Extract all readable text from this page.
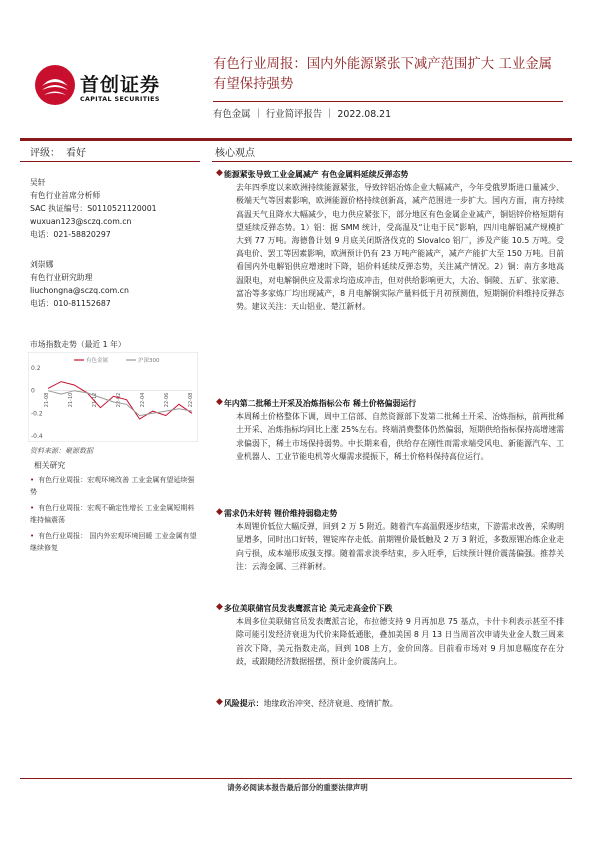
首创证券
CAPITAL SECURITIES
有色行业周报：国内外能源紧张下减产范围扩大 工业金属有望保持强势
有色金属 ｜ 行业简评报告 ｜ 2022.08.21
评级： 看好	核心观点
吴轩
有色行业首席分析师
SAC 执证编号：S0110521120001
wuxuan123@sczq.com.cn
电话：021-58820297
刘崇娜
有色行业研究助理
liuchongna@sczq.com.cn
电话：010-81152687
市场指数走势（最近 1 年）
0.2
0
-0.2
-0.4
21-08	21-10	21-12	22-02	22-04	22-06	22-08
有色金属	沪深300
资料来源：聚源数据
相关研究
• 有色行业周报：宏观环境改善 工业金属有望延续强势
• 有色行业周报：宏观不确定性增长 工业金属短期料维持偏震荡
• 有色行业周报： 国内外宏观环境回暖 工业金属有望继续修复
能源紧张导致工业金属减产 有色金属料延续反弹态势
去年四季度以来欧洲持续能源紧张，导致锌铝冶炼企业大幅减产，今年受俄罗斯进口量减少、极端天气等因素影响，欧洲能源价格持续创新高，减产范围进一步扩大。国内方面，南方持续高温天气且降水大幅减少，电力供应紧张下，部分地区有色金属企业减产，铜铝锌价格短期有望延续反弹态势。1）铝：据 SMM 统计，受高温及“让电于民”影响，四川电解铝减产规模扩大到 77 万吨。海德鲁计划 9 月底关闭斯洛伐克的 Slovalco 铝厂，涉及产能 10.5 万吨。受高电价、罢工等因素影响，欧洲预计仍有 23 万吨产能减产，减产产能扩大至 150 万吨。目前看国内外电解铝供应增速时下降，铝价料延续反弹态势，关注减产情况。2）铜：南方多地高温限电，对电解铜供应及需求均造成冲击，但对供给影响更大，大冶、铜陵、五矿、张家港、富冶等多家炼厂均出现减产，8 月电解铜实际产量料低于月初预测值，短期铜价料维持反弹态势。建议关注：天山铝业、楚江新材。
◆
年内第二批稀土开采及冶炼指标公布 稀土价格偏弱运行
本周稀土价格整体下调，周中工信部、自然资源部下发第二批稀土开采、冶炼指标，前两批稀土开采、冶炼指标均同比上涨 25%左右。终端消费整体仍然偏弱，短期供给指标保持高增速需求偏弱下，稀土市场保持弱势。中长期来看，供给存在刚性而需求端受风电、新能源汽车、工业机器人、工业节能电机等火爆需求提振下，稀土价格料保持高位运行。
◆
需求仍未好转 锂价维持弱稳走势
本周锂价低位大幅反弹，回到 2 万 5 附近。随着汽车高温假逐步结束，下游需求改善，采购明显增多，同时出口好转，锂锭库存走低。前期锂价最低触及 2 万 3 附近，多数原锂冶炼企业走向亏损，成本端形成强支撑。随着需求淡季结束，步入旺季，后续预计锂价震荡偏强。推荐关注：云海金属、三祥新材。
◆
多位美联储官员发表鹰派言论 美元走高金价下跌
本周多位美联储官员发表鹰派言论，布拉德支持 9 月再加息 75 基点，卡什卡利表示甚至不排除可能引发经济衰退为代价来降低通胀，叠加美国 8 月 13 日当周首次申请失业金人数三周来首次下降，美元指数走高，回到 108 上方，金价回落。目前看市场对 9 月加息幅度存在分歧，或跟随经济数据摇摆，预计金价震荡向上。
◆
风险提示：地缘政治冲突、经济衰退、疫情扩散。
◆
请务必阅读本报告最后部分的重要法律声明
